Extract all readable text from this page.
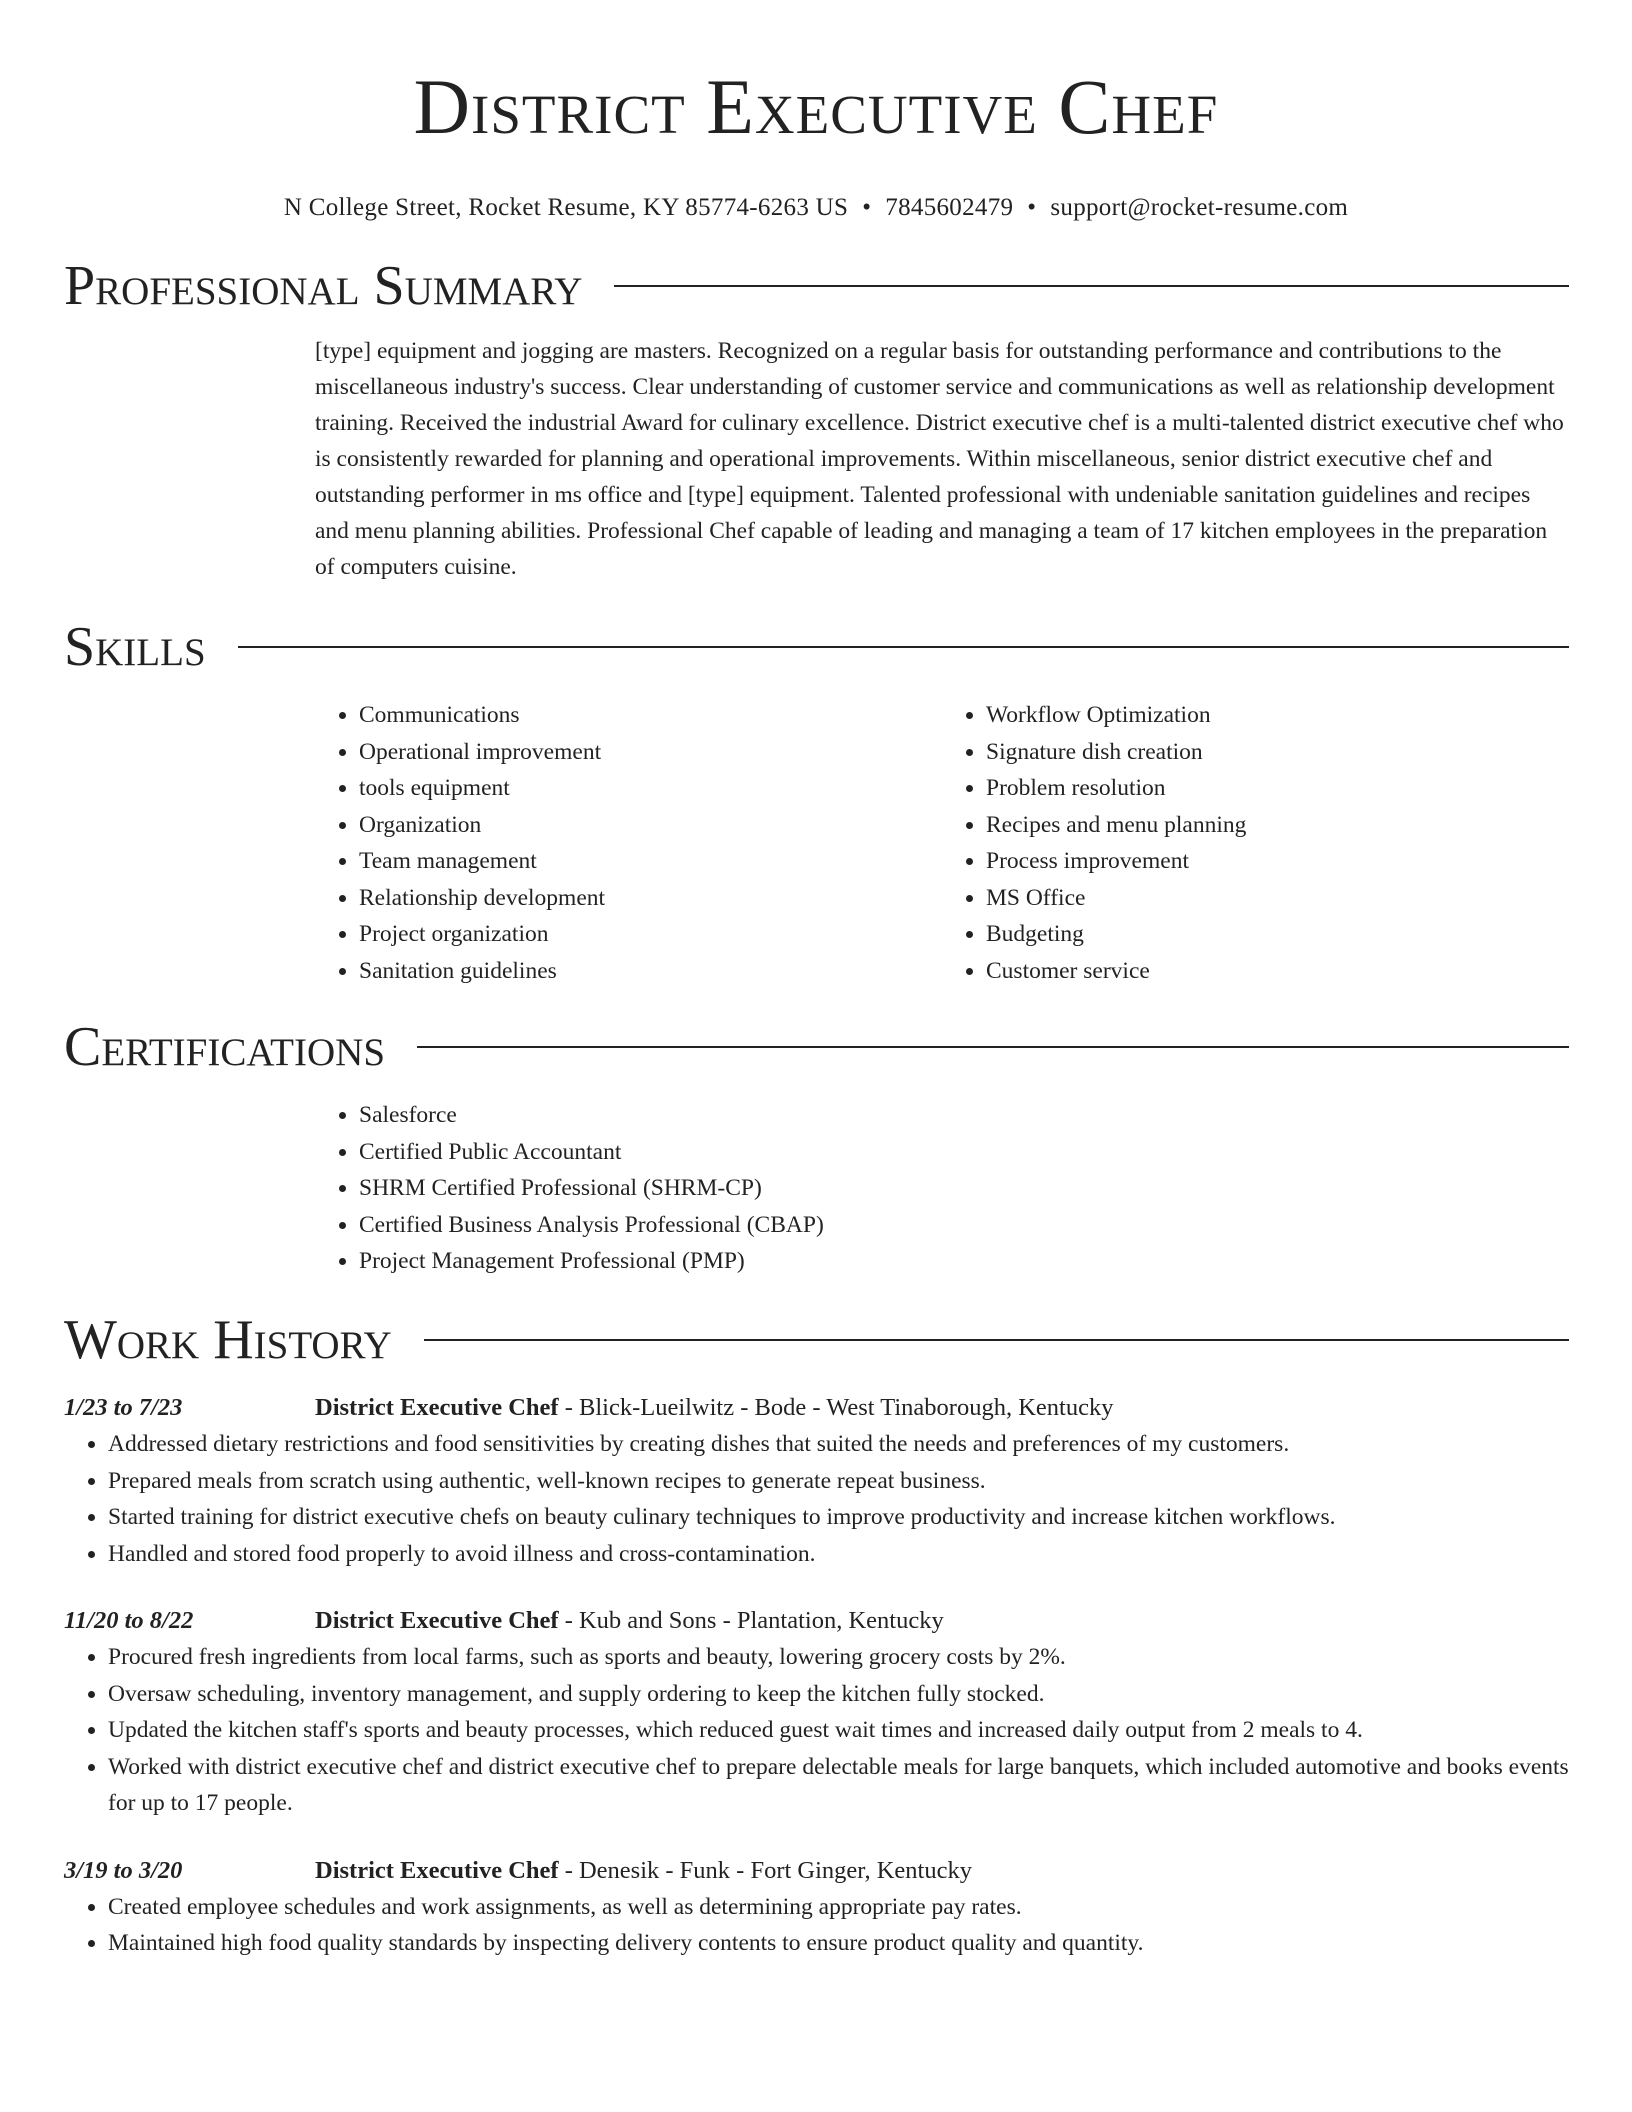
District Executive Chef
N College Street, Rocket Resume, KY 85774-6263 US • 7845602479 • support@rocket-resume.com
Professional Summary

[type] equipment and jogging are masters. Recognized on a regular basis for outstanding performance and contributions to the miscellaneous industry's success. Clear understanding of customer service and communications as well as relationship development training. Received the industrial Award for culinary excellence. District executive chef is a multi-talented district executive chef who is consistently rewarded for planning and operational improvements. Within miscellaneous, senior district executive chef and outstanding performer in ms office and [type] equipment. Talented professional with undeniable sanitation guidelines and recipes and menu planning abilities. Professional Chef capable of leading and managing a team of 17 kitchen employees in the preparation of computers cuisine.

Skills
• Communications
• Operational improvement
• tools equipment
• Organization
• Team management
• Relationship development
• Project organization
• Sanitation guidelines
• Workflow Optimization
• Signature dish creation
• Problem resolution
• Recipes and menu planning
• Process improvement
• MS Office
• Budgeting
• Customer service
Certifications
• Salesforce
• Certified Public Accountant
• SHRM Certified Professional (SHRM-CP)
• Certified Business Analysis Professional (CBAP)
• Project Management Professional (PMP)
Work History
1/23 to 7/23	District Executive Chef - Blick-Lueilwitz - Bode - West Tinaborough, Kentucky
• Addressed dietary restrictions and food sensitivities by creating dishes that suited the needs and preferences of my customers.
• Prepared meals from scratch using authentic, well-known recipes to generate repeat business.
• Started training for district executive chefs on beauty culinary techniques to improve productivity and increase kitchen workflows.
• Handled and stored food properly to avoid illness and cross-contamination.
11/20 to 8/22	District Executive Chef - Kub and Sons - Plantation, Kentucky
• Procured fresh ingredients from local farms, such as sports and beauty, lowering grocery costs by 2%.
• Oversaw scheduling, inventory management, and supply ordering to keep the kitchen fully stocked.
• Updated the kitchen staff's sports and beauty processes, which reduced guest wait times and increased daily output from 2 meals to 4.
• Worked with district executive chef and district executive chef to prepare delectable meals for large banquets, which included automotive and books events for up to 17 people.
3/19 to 3/20	District Executive Chef - Denesik - Funk - Fort Ginger, Kentucky
• Created employee schedules and work assignments, as well as determining appropriate pay rates.
• Maintained high food quality standards by inspecting delivery contents to ensure product quality and quantity.
